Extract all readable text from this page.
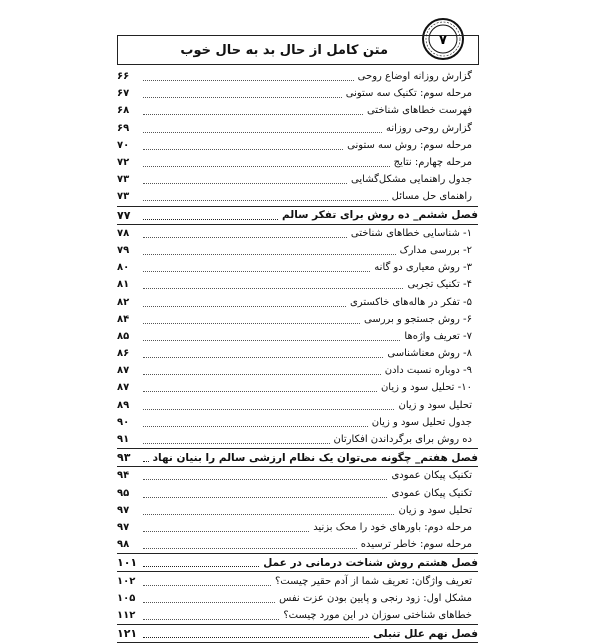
۷
متن کامل از حال بد به حال خوب
گزارش روزانه اوضاع روحی
۶۶
مرحله سوم: تکنیک سه ستونی
۶۷
فهرست خطاهای شناختی
۶۸
گزارش روحی روزانه
۶۹
مرحله سوم: روش سه ستونی
۷۰
مرحله چهارم: نتایج
۷۲
جدول راهنمایی مشکل‌گشایی
۷۳
راهنمای حل مسائل
۷۳
فصل ششم_ ده روش برای تفکر سالم
۷۷
۱- شناسایی خطاهای شناختی
۷۸
۲- بررسی مدارک
۷۹
۳- روش معیاری دو گانه
۸۰
۴- تکنیک تجربی
۸۱
۵- تفکر در هاله‌های خاکستری
۸۲
۶- روش جستجو و بررسی
۸۴
۷- تعریف واژه‌ها
۸۵
۸- روش معناشناسی
۸۶
۹- دوباره نسبت دادن
۸۷
۱۰- تحلیل سود و زیان
۸۷
تحلیل سود و زیان
۸۹
جدول تحلیل سود و زیان
۹۰
ده روش برای برگرداندن افکارتان
۹۱
فصل هفتم_ چگونه می‌توان یک نظام ارزشی سالم را بنیان نهاد
۹۳
تکنیک پیکان عمودی
۹۴
تکنیک پیکان عمودی
۹۵
تحلیل سود و زیان
۹۷
مرحله دوم: باورهای خود را محک بزنید
۹۷
مرحله سوم: خاطر ترسیده
۹۸
فصل هشتم روش شناخت درمانی در عمل
۱۰۱
تعریف واژگان: تعریف شما از آدم حقیر چیست؟
۱۰۲
مشکل اول: زود رنجی و پایین بودن عزت نفس
۱۰۵
خطاهای شناختی سوزان در این مورد چیست؟
۱۱۲
فصل نهم علل تنبلی
۱۲۱
